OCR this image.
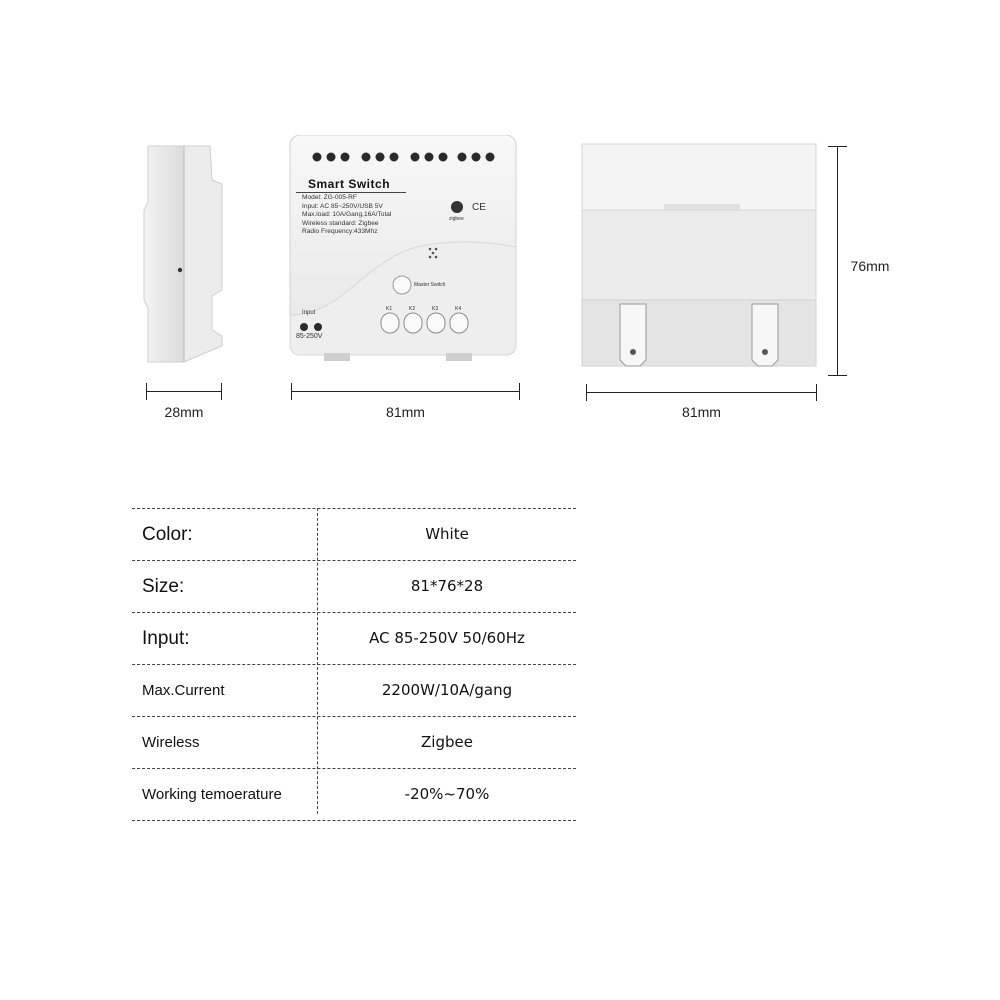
Smart Switch
Model: ZG-005-RF
Input: AC 85~250V/USB 5V
Max.load: 10A/Gang,16A/Total
Wireless standard: Zigbee
Radio Frequency:433Mhz
zigbee
CE
Master Switch
Input
85-250V
K1	K2	K3	K4
28mm	81mm	81mm
76mm
Color:	White
Size:	81*76*28
Input:	AC 85-250V 50/60Hz
Max.Current	2200W/10A/gang
Wireless	Zigbee
Working temoerature	-20%~70%
